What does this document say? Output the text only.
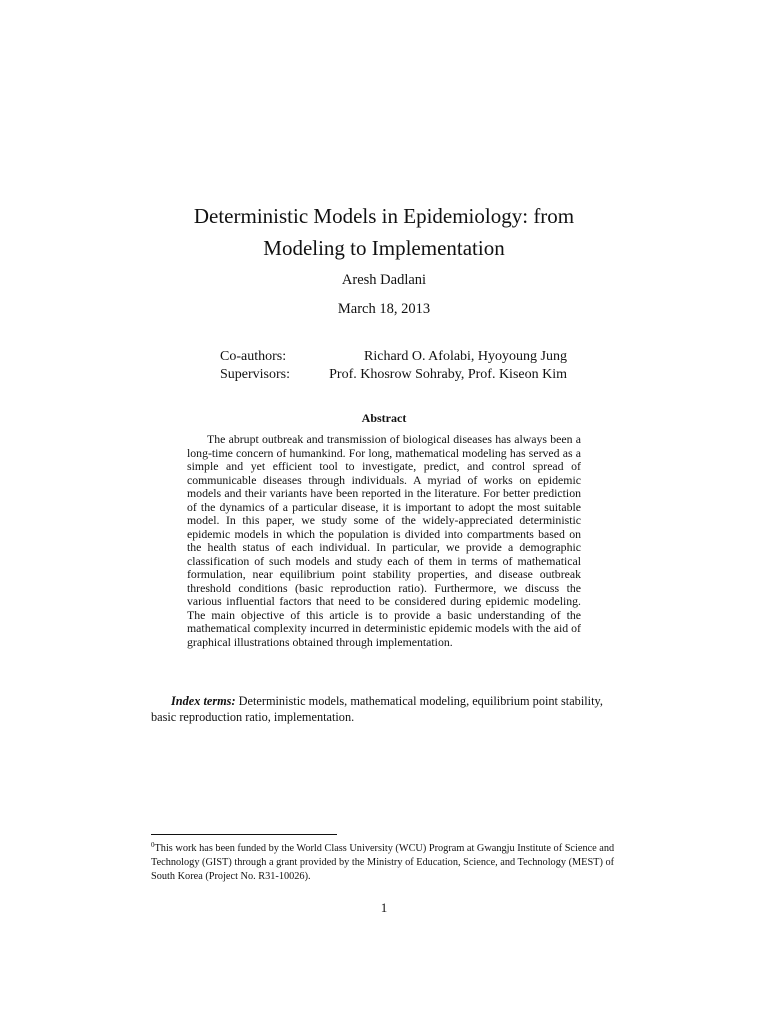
Deterministic Models in Epidemiology: from
Modeling to Implementation
Aresh Dadlani
March 18, 2013
Co-authors:	Richard O. Afolabi, Hyoyoung Jung
Supervisors:	Prof. Khosrow Sohraby, Prof. Kiseon Kim
Abstract

The abrupt outbreak and transmission of biological diseases has always been a long-time concern of humankind. For long, mathematical modeling has served as a simple and yet efficient tool to investigate, predict, and control spread of communicable diseases through individuals. A myriad of works on epidemic models and their variants have been reported in the literature. For better prediction of the dynamics of a particular disease, it is important to adopt the most suitable model. In this paper, we study some of the widely-appreciated deterministic epidemic models in which the population is divided into compartments based on the health status of each individual. In particular, we provide a demographic classification of such models and study each of them in terms of mathematical formulation, near equilibrium point stability properties, and disease outbreak threshold conditions (basic reproduction ratio). Furthermore, we discuss the various influential factors that need to be considered during epidemic modeling. The main objective of this article is to provide a basic understanding of the mathematical complexity incurred in deterministic epidemic models with the aid of graphical illustrations obtained through implementation.

Index terms: Deterministic models, mathematical modeling, equilibrium point stability, basic reproduction ratio, implementation.

$^0$This work has been funded by the World Class University (WCU) Program at Gwangju Institute of Science and Technology (GIST) through a grant provided by the Ministry of Education, Science, and Technology (MEST) of South Korea (Project No. R31-10026).

1
